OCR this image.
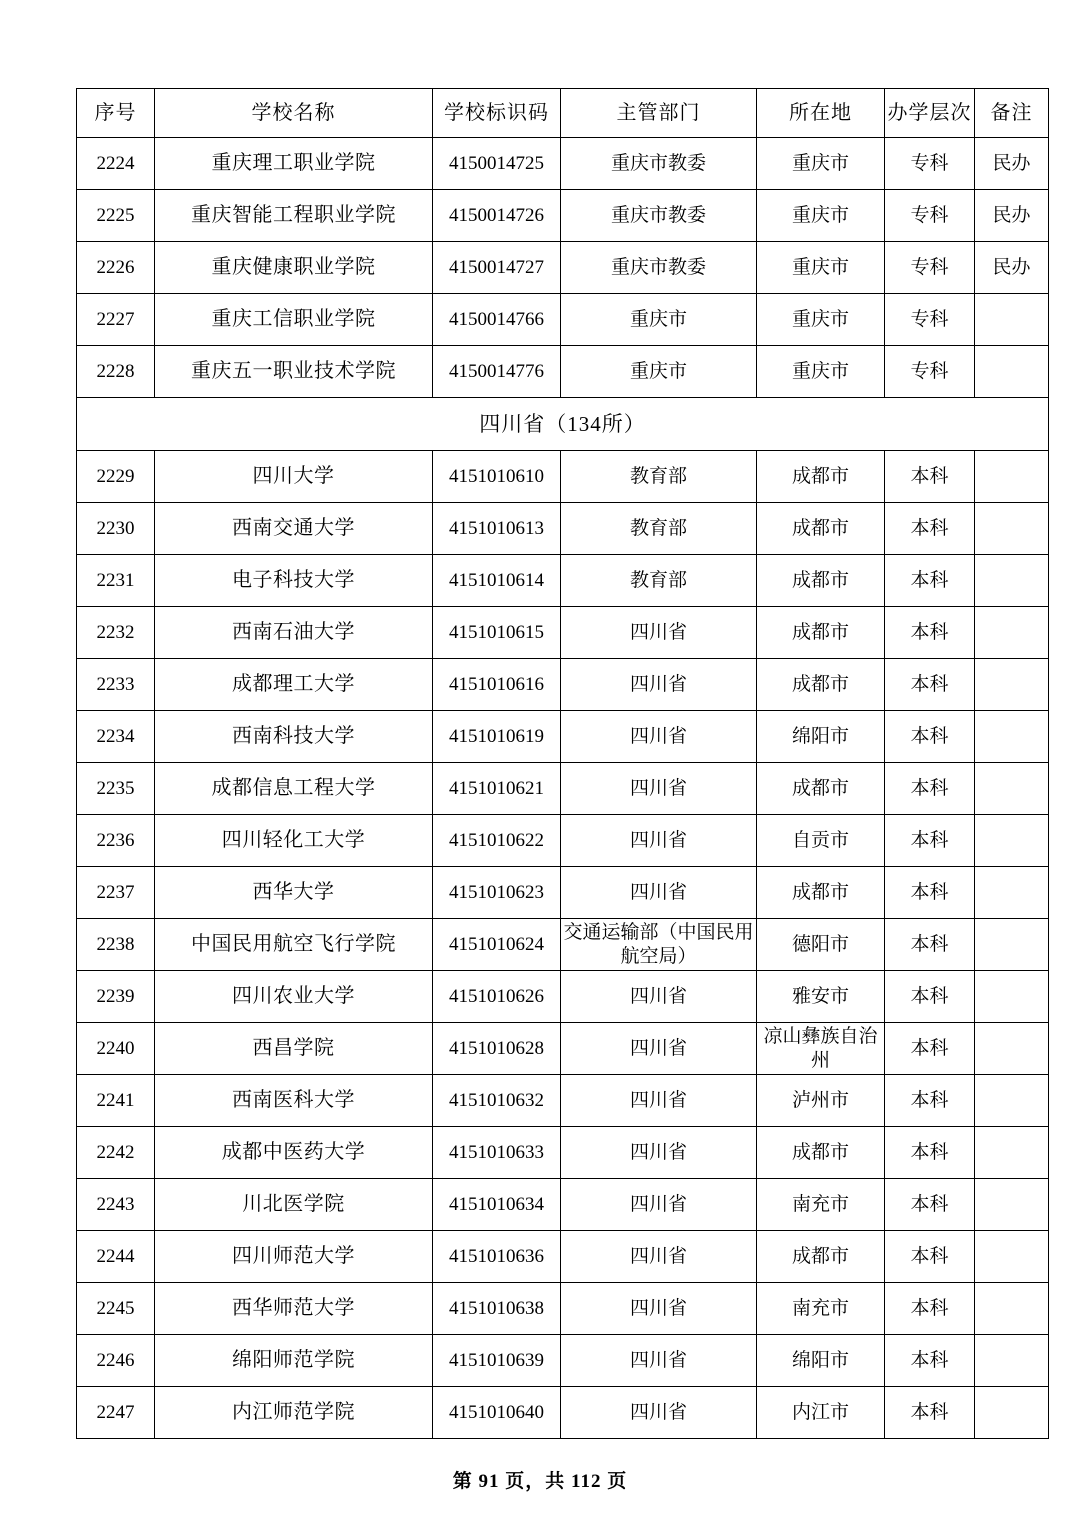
序号	学校名称	学校标识码	主管部门	所在地	办学层次	备注
2224	重庆理工职业学院	4150014725	重庆市教委	重庆市	专科	民办
2225	重庆智能工程职业学院	4150014726	重庆市教委	重庆市	专科	民办
2226	重庆健康职业学院	4150014727	重庆市教委	重庆市	专科	民办
2227	重庆工信职业学院	4150014766	重庆市	重庆市	专科	
2228	重庆五一职业技术学院	4150014776	重庆市	重庆市	专科	
四川省（134所）						
2229	四川大学	4151010610	教育部	成都市	本科	
2230	西南交通大学	4151010613	教育部	成都市	本科	
2231	电子科技大学	4151010614	教育部	成都市	本科	
2232	西南石油大学	4151010615	四川省	成都市	本科	
2233	成都理工大学	4151010616	四川省	成都市	本科	
2234	西南科技大学	4151010619	四川省	绵阳市	本科	
2235	成都信息工程大学	4151010621	四川省	成都市	本科	
2236	四川轻化工大学	4151010622	四川省	自贡市	本科	
2237	西华大学	4151010623	四川省	成都市	本科	
2238	中国民用航空飞行学院	4151010624	交通运输部（中国民用航空局）	德阳市	本科	
2239	四川农业大学	4151010626	四川省	雅安市	本科	
2240	西昌学院	4151010628	四川省	凉山彝族自治州	本科	
2241	西南医科大学	4151010632	四川省	泸州市	本科	
2242	成都中医药大学	4151010633	四川省	成都市	本科	
2243	川北医学院	4151010634	四川省	南充市	本科	
2244	四川师范大学	4151010636	四川省	成都市	本科	
2245	西华师范大学	4151010638	四川省	南充市	本科	
2246	绵阳师范学院	4151010639	四川省	绵阳市	本科	
2247	内江师范学院	4151010640	四川省	内江市	本科	
第 91 页，共 112 页
